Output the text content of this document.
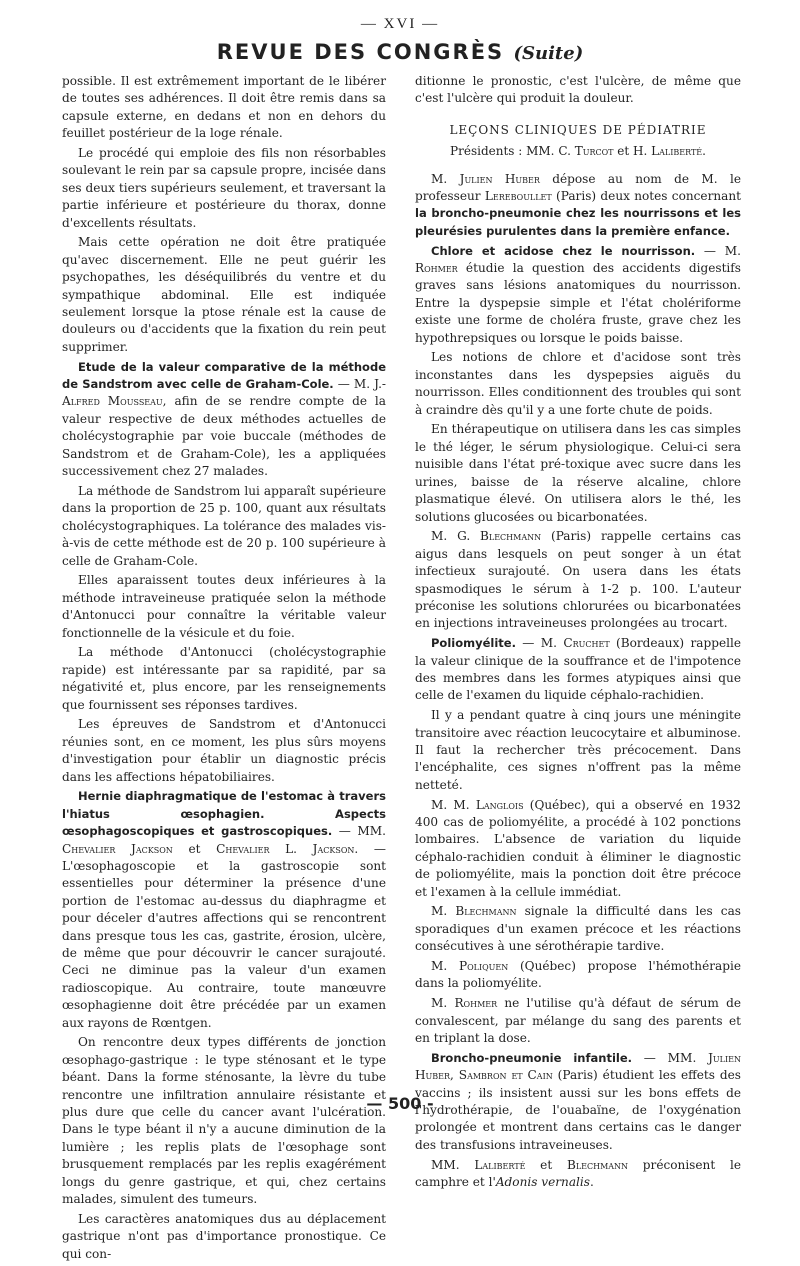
— XVI —
REVUE DES CONGRÈS (Suite)

possible. Il est extrêmement important de le libérer de toutes ses adhérences. Il doit être remis dans sa capsule externe, en dedans et non en dehors du feuillet postérieur de la loge rénale.

Le procédé qui emploie des fils non résorbables soulevant le rein par sa capsule propre, incisée dans ses deux tiers supérieurs seulement, et traversant la partie inférieure et postérieure du thorax, donne d'excellents résultats.

Mais cette opération ne doit être pratiquée qu'avec discernement. Elle ne peut guérir les psychopathes, les déséquilibrés du ventre et du sympathique abdominal. Elle est indiquée seulement lorsque la ptose rénale est la cause de douleurs ou d'accidents que la fixation du rein peut supprimer.

Etude de la valeur comparative de la méthode de Sandstrom avec celle de Graham-Cole. — M. J.-Alfred Mousseau, afin de se rendre compte de la valeur respective de deux méthodes actuelles de cholécystographie par voie buccale (méthodes de Sandstrom et de Graham-Cole), les a appliquées successivement chez 27 malades.

La méthode de Sandstrom lui apparaît supérieure dans la proportion de 25 p. 100, quant aux résultats cholécystographiques. La tolérance des malades vis-à-vis de cette méthode est de 20 p. 100 supérieure à celle de Graham-Cole.

Elles aparaissent toutes deux inférieures à la méthode intraveineuse pratiquée selon la méthode d'Antonucci pour connaître la véritable valeur fonctionnelle de la vésicule et du foie.

La méthode d'Antonucci (cholécystographie rapide) est intéressante par sa rapidité, par sa négativité et, plus encore, par les renseignements que fournissent ses réponses tardives.

Les épreuves de Sandstrom et d'Antonucci réunies sont, en ce moment, les plus sûrs moyens d'investigation pour établir un diagnostic précis dans les affections hépatobiliaires.

Hernie diaphragmatique de l'estomac à travers l'hiatus œsophagien. Aspects œsophagoscopiques et gastroscopiques. — MM. Chevalier Jackson et Chevalier L. Jackson. — L'œsophagoscopie et la gastroscopie sont essentielles pour déterminer la présence d'une portion de l'estomac au-dessus du diaphragme et pour déceler d'autres affections qui se rencontrent dans presque tous les cas, gastrite, érosion, ulcère, de même que pour découvrir le cancer surajouté. Ceci ne diminue pas la valeur d'un examen radioscopique. Au contraire, toute manœuvre œsophagienne doit être précédée par un examen aux rayons de Rœntgen.

On rencontre deux types différents de jonction œsophago-gastrique : le type sténosant et le type béant. Dans la forme sténosante, la lèvre du tube rencontre une infiltration annulaire résistante et plus dure que celle du cancer avant l'ulcération. Dans le type béant il n'y a aucune diminution de la lumière ; les replis plats de l'œsophage sont brusquement remplacés par les replis exagérément longs du genre gastrique, et qui, chez certains malades, simulent des tumeurs.

Les caractères anatomiques dus au déplacement gastrique n'ont pas d'importance pronostique. Ce qui con-

ditionne le pronostic, c'est l'ulcère, de même que c'est l'ulcère qui produit la douleur.

LEÇONS CLINIQUES DE PÉDIATRIE

Présidents : MM. C. Turcot et H. Laliberté.

M. Julien Huber dépose au nom de M. le professeur Lereboullet (Paris) deux notes concernant la broncho-pneumonie chez les nourrissons et les pleurésies purulentes dans la première enfance.

Chlore et acidose chez le nourrisson. — M. Rohmer étudie la question des accidents digestifs graves sans lésions anatomiques du nourrisson. Entre la dyspepsie simple et l'état cholériforme existe une forme de choléra fruste, grave chez les hypothrepsiques ou lorsque le poids baisse.

Les notions de chlore et d'acidose sont très inconstantes dans les dyspepsies aiguës du nourrisson. Elles conditionnent des troubles qui sont à craindre dès qu'il y a une forte chute de poids.

En thérapeutique on utilisera dans les cas simples le thé léger, le sérum physiologique. Celui-ci sera nuisible dans l'état pré-toxique avec sucre dans les urines, baisse de la réserve alcaline, chlore plasmatique élevé. On utilisera alors le thé, les solutions glucosées ou bicarbonatées.

M. G. Blechmann (Paris) rappelle certains cas aigus dans lesquels on peut songer à un état infectieux surajouté. On usera dans les états spasmodiques le sérum à 1-2 p. 100. L'auteur préconise les solutions chlorurées ou bicarbonatées en injections intraveineuses prolongées au trocart.

Poliomyélite. — M. Cruchet (Bordeaux) rappelle la valeur clinique de la souffrance et de l'impotence des membres dans les formes atypiques ainsi que celle de l'examen du liquide céphalo-rachidien.

Il y a pendant quatre à cinq jours une méningite transitoire avec réaction leucocytaire et albuminose. Il faut la rechercher très précocement. Dans l'encéphalite, ces signes n'offrent pas la même netteté.

M. M. Langlois (Québec), qui a observé en 1932 400 cas de poliomyélite, a procédé à 102 ponctions lombaires. L'absence de variation du liquide céphalo-rachidien conduit à éliminer le diagnostic de poliomyélite, mais la ponction doit être précoce et l'examen à la cellule immédiat.

M. Blechmann signale la difficulté dans les cas sporadiques d'un examen précoce et les réactions consécutives à une sérothérapie tardive.

M. Poliquen (Québec) propose l'hémothérapie dans la poliomyélite.

M. Rohmer ne l'utilise qu'à défaut de sérum de convalescent, par mélange du sang des parents et en triplant la dose.

Broncho-pneumonie infantile. — MM. Julien Huber, Sambron et Cain (Paris) étudient les effets des vaccins ; ils insistent aussi sur les bons effets de l'hydrothérapie, de l'ouabaïne, de l'oxygénation prolongée et montrent dans certains cas le danger des transfusions intraveineuses.

MM. Laliberté et Blechmann préconisent le camphre et l'Adonis vernalis.

— 500 -
